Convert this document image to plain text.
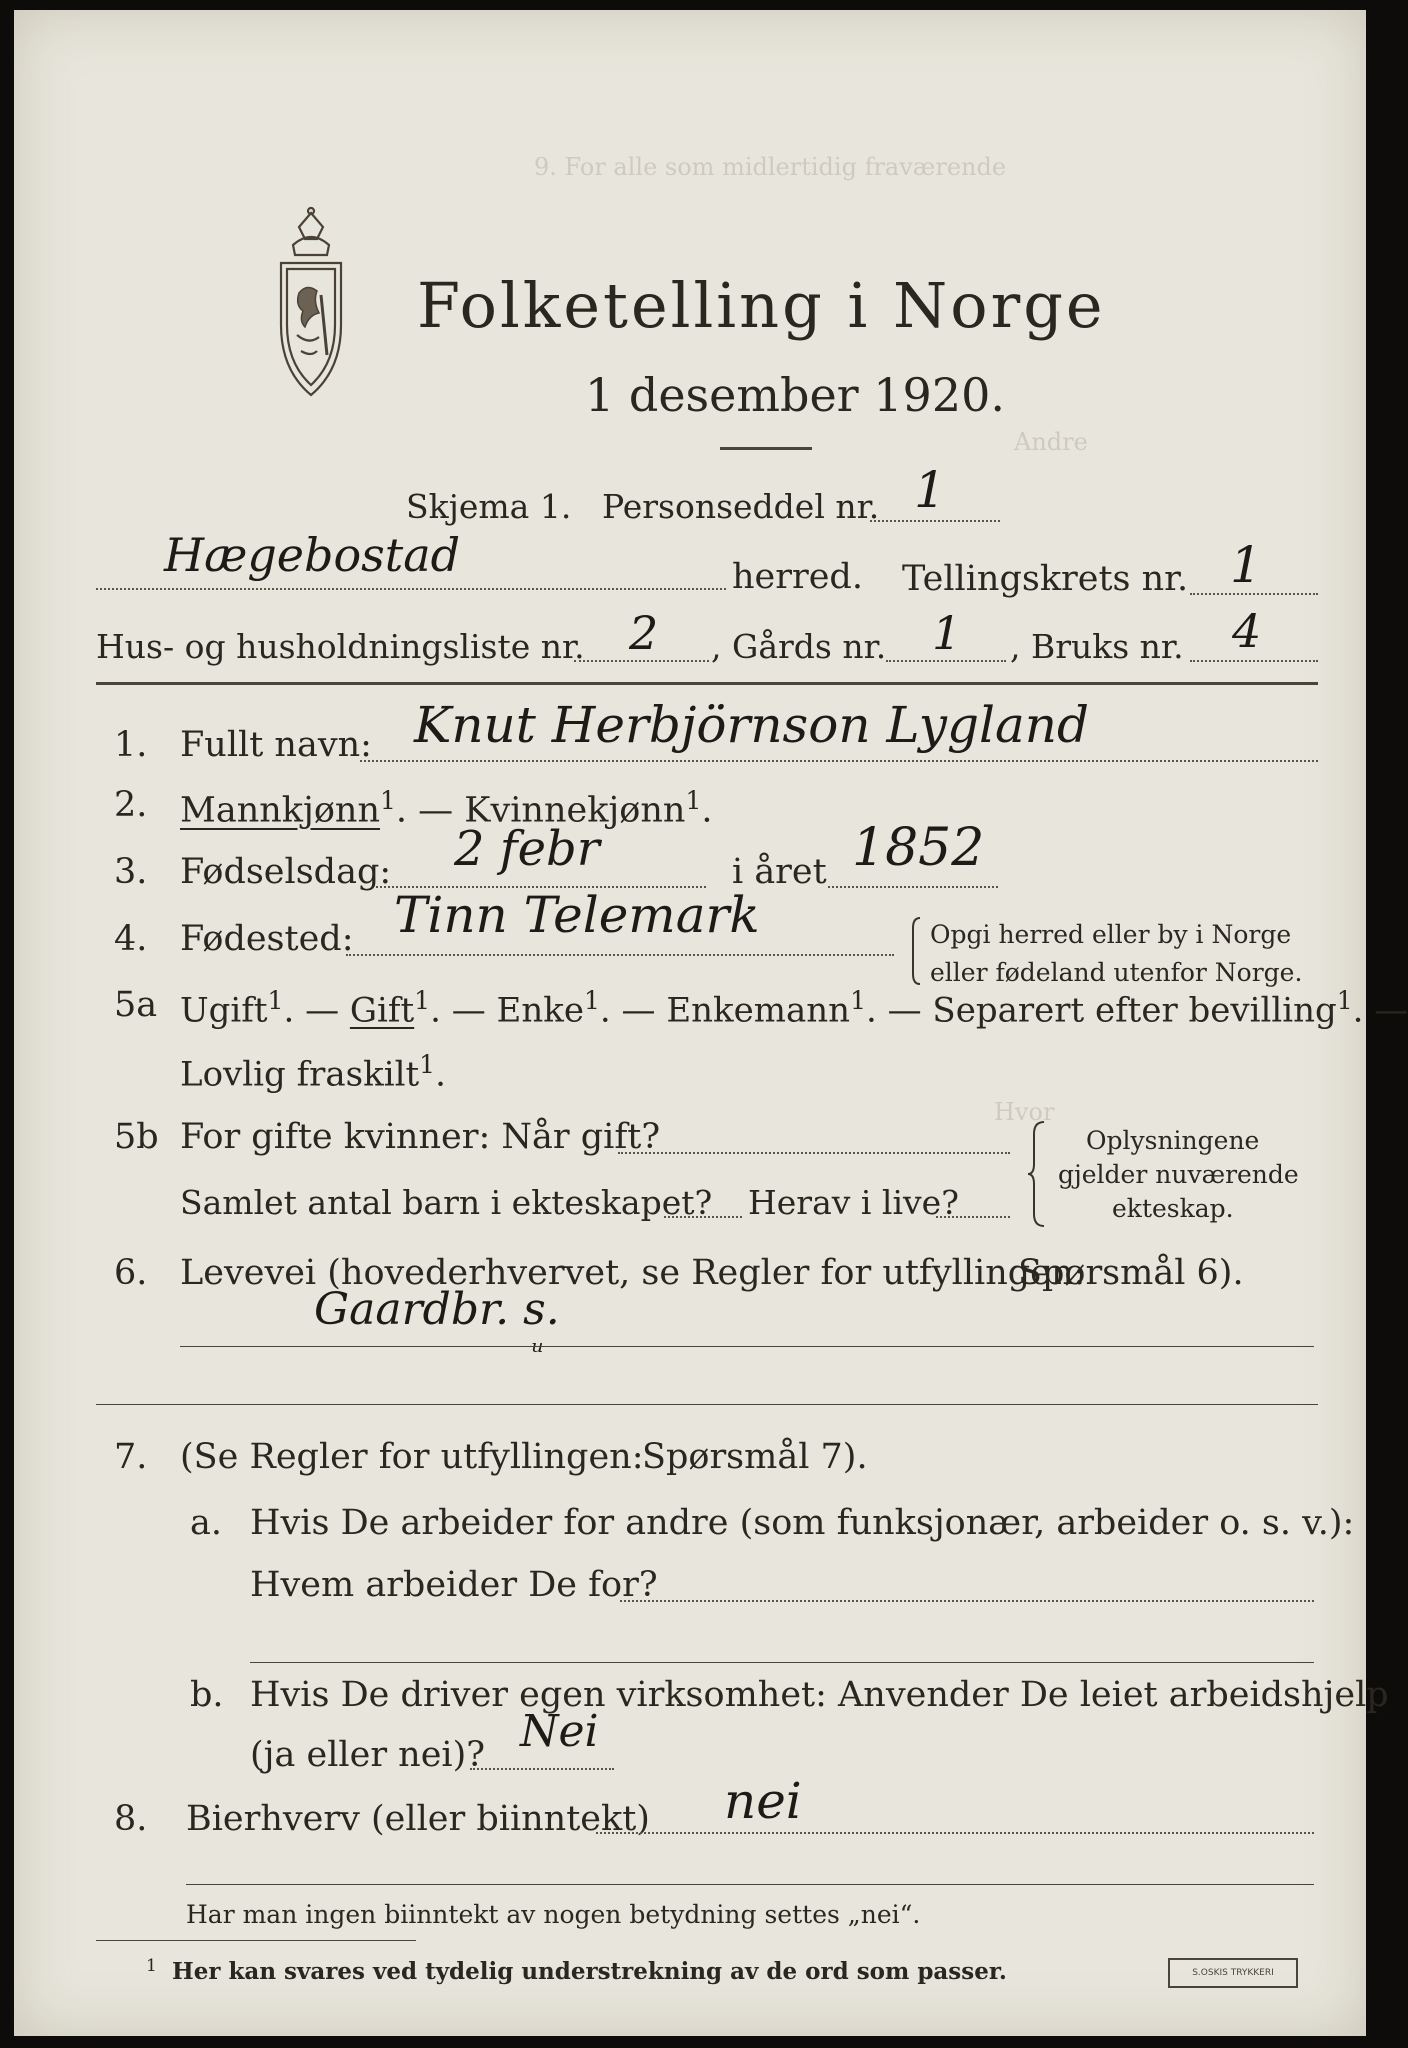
9. For alle som midlertidig fraværende
Andre
Hvor
Folketelling i Norge
1 desember 1920.
Skjema 1. Personseddel nr. 1
Hægebostad	herred. Tellingskrets nr. 1
Hus- og husholdningsliste nr. 2 , Gårds nr. 1 , Bruks nr. 4
1. Fullt navn: Knut Herbjörnson Lygland
2. Mannkjønn$^1$. — Kvinnekjønn$^1$.
3. Fødselsdag: 2 febr	i året 1852
4. Fødested: Tinn Telemark	Opgi herred eller by i Norge
eller fødeland utenfor Norge.
5a Ugift$^1$. — Gift$^1$. — Enke$^1$. — Enkemann$^1$. — Separert efter bevilling$^1$. —
Lovlig fraskilt$^1$.
5b For gifte kvinner: Når gift?
Samlet antal barn i ekteskapet? Herav i live?
Oplysningene
gjelder nuværende
ekteskap.
6. Levevei (hovederhvervet, se Regler for utfyllingen:
Spørsmål 6).
Gaardbr. s.
ᵤ
7. (Se Regler for utfyllingen:
Spørsmål 7).
a. Hvis De arbeider for andre (som funksjonær, arbeider o. s. v.):
Hvem arbeider De for?
b. Hvis De driver egen virksomhet: Anvender De leiet arbeidshjelp
(ja eller nei)? Nei
8. Bierhverv (eller biinntekt) nei
Har man ingen biinntekt av nogen betydning settes „nei“.
1 Her kan svares ved tydelig understrekning av de ord som passer.	S.OSKIS TRYKKERI
